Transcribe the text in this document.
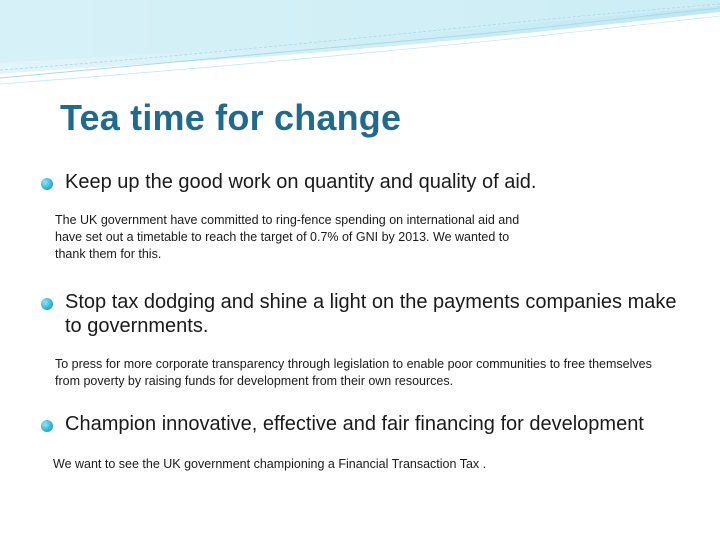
Tea time for change
Keep up the good work on quantity and quality of aid.
The UK government have committed to ring-fence spending on international aid and have set out a timetable to reach the target of 0.7% of GNI by 2013. We wanted to thank them for this.
Stop tax dodging and shine a light on the payments companies make to governments.
To press for more corporate transparency through legislation to enable poor communities to free themselves from poverty by raising funds for development from their own resources.
Champion innovative, effective and fair financing for development
We want to see the UK government championing a Financial Transaction Tax .
